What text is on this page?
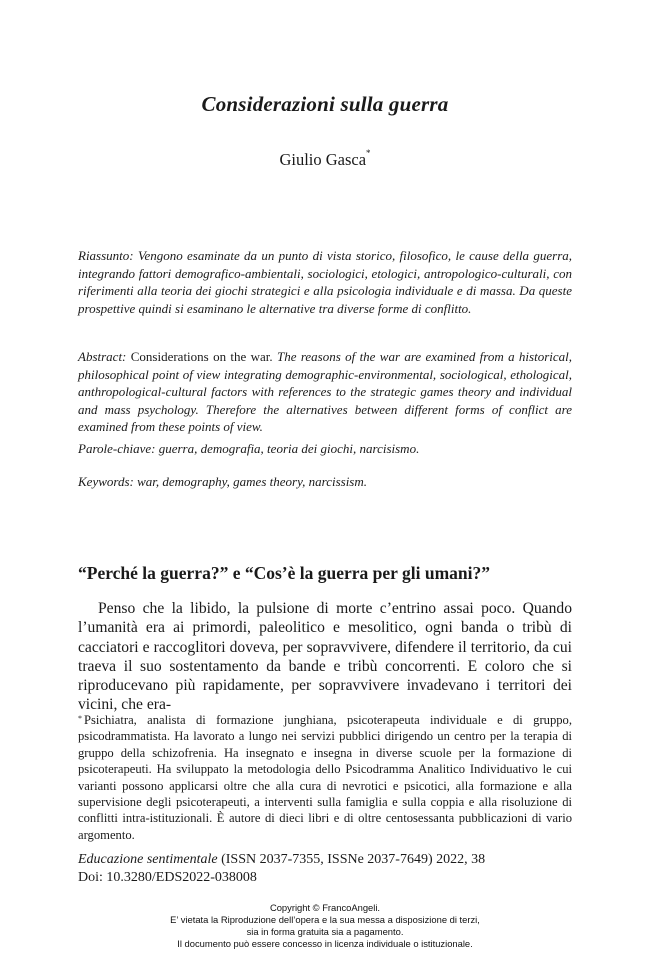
Considerazioni sulla guerra
Giulio Gasca*

Riassunto: Vengono esaminate da un punto di vista storico, filosofico, le cause della guerra, integrando fattori demografico-ambientali, sociologici, etologici, antropologico-culturali, con riferimenti alla teoria dei giochi strategici e alla psicologia individuale e di massa. Da queste prospettive quindi si esaminano le alternative tra diverse forme di conflitto.

Abstract: Considerations on the war. The reasons of the war are examined from a historical, philosophical point of view integrating demographic-environmental, sociological, ethological, anthropological-cultural factors with references to the strategic games theory and individual and mass psychology. Therefore the alternatives between different forms of conflict are examined from these points of view.

Parole-chiave: guerra, demografia, teoria dei giochi, narcisismo.

Keywords: war, demography, games theory, narcissism.

“Perché la guerra?” e “Cos’è la guerra per gli umani?”

Penso che la libido, la pulsione di morte c’entrino assai poco. Quando l’umanità era ai primordi, paleolitico e mesolitico, ogni banda o tribù di cacciatori e raccoglitori doveva, per sopravvivere, difendere il territorio, da cui traeva il suo sostentamento da bande e tribù concorrenti. E coloro che si riproducevano più rapidamente, per sopravvivere invadevano i territori dei vicini, che era-

* Psichiatra, analista di formazione junghiana, psicoterapeuta individuale e di gruppo, psicodrammatista. Ha lavorato a lungo nei servizi pubblici dirigendo un centro per la terapia di gruppo della schizofrenia. Ha insegnato e insegna in diverse scuole per la formazione di psicoterapeuti. Ha sviluppato la metodologia dello Psicodramma Analitico Individuativo le cui varianti possono applicarsi oltre che alla cura di nevrotici e psicotici, alla formazione e alla supervisione degli psicoterapeuti, a interventi sulla famiglia e sulla coppia e alla risoluzione di conflitti intra-istituzionali. È autore di dieci libri e di oltre centosessanta pubblicazioni di vario argomento.

Educazione sentimentale (ISSN 2037-7355, ISSNe 2037-7649) 2022, 38
Doi: 10.3280/EDS2022-038008
Copyright © FrancoAngeli.
E’ vietata la Riproduzione dell’opera e la sua messa a disposizione di terzi,
sia in forma gratuita sia a pagamento.
Il documento può essere concesso in licenza individuale o istituzionale.
